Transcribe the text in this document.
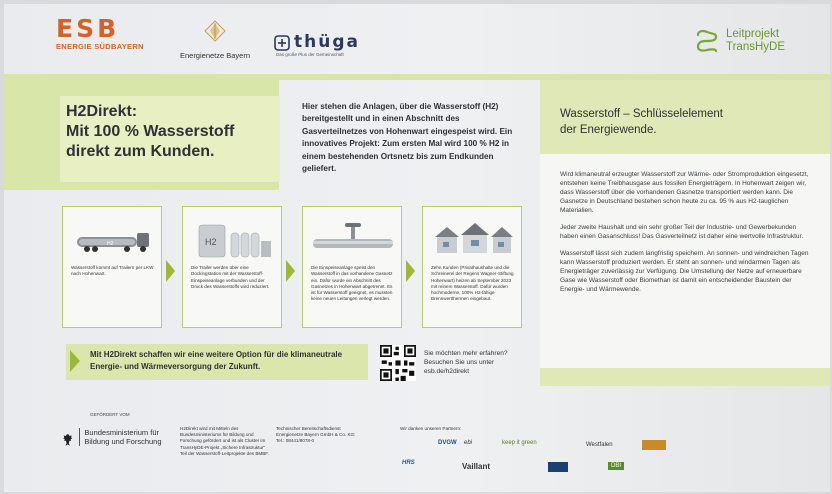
ESB
ENERGIE SÜDBAYERN
Energienetze Bayern
thüga
Das große Plus der Gemeinschaft
Leitprojekt
TransHyDE
H2Direkt:
Mit 100 % Wasserstoff
direkt zum Kunden.
Hier stehen die Anlagen, über die Wasserstoff (H2) bereitgestellt und in einen Abschnitt des Gasverteilnetzes von Hohenwart eingespeist wird. Ein innovatives Projekt: Zum ersten Mal wird 100 % H2 in einem bestehenden Ortsnetz bis zum Endkunden geliefert.
H2
Wasserstoff kommt auf Trailern per LKW nach Hohenwart.
H2
Die Trailer werden über eine Dockingstation mit der Wasserstoff-Einspeiseanlage verbunden und der Druck des Wasserstoffs wird reduziert.
Die Einspeiseanlage speist den Wasserstoff in das vorhandene Gasnetz ein. Dafür wurde ein Abschnitt des Gasnetzes in Hohenwart abgetrennt. Es ist für Wasserstoff geeignet, es mussten keine neuen Leitungen verlegt werden.
Zehn Kunden (Privathaushalte und die Schreinerei der Regens Wagner-Stiftung Hohenwart) heizen ab September 2023 mit reinem Wasserstoff. Dafür wurden hochmoderne, 100% H2-fähige Brennwertthermen eingebaut.
Mit H2Direkt schaffen wir eine weitere Option für die klimaneutrale Energie- und Wärmeversorgung der Zukunft.
Sie möchten mehr erfahren?
Besuchen Sie uns unter
esb.de/h2direkt
Wasserstoff – Schlüsselelement
der Energiewende.

Wird klimaneutral erzeugter Wasserstoff zur Wärme- oder Stromproduktion eingesetzt, entstehen keine Treibhausgase aus fossilen Energieträgern. In Hohenwart zeigen wir, dass Wasserstoff über die vorhandenen Gasnetze transportiert werden kann. Die Gasnetze in Deutschland bestehen schon heute zu ca. 95 % aus H2-tauglichen Materialien.

Jeder zweite Haushalt und ein sehr großer Teil der Industrie- und Gewerbekunden haben einen Gasanschluss! Das Gasverteilnetz ist daher eine wertvolle Infrastruktur.

Wasserstoff lässt sich zudem langfristig speichern. An sonnen- und windreichen Tagen kann Wasserstoff produziert werden. Er steht an sonnen- und windarmen Tagen als Energieträger zuverlässig zur Verfügung. Die Umstellung der Netze auf erneuerbare Gase wie Wasserstoff oder Biomethan ist damit ein entscheidender Baustein der Energie- und Wärmewende.

GEFÖRDERT VOM
Bundesministerium für Bildung und Forschung
H2Direkt wird mit Mitteln des Bundesministeriums für Bildung und Forschung gefördert und ist als Cluster im TransHyDE-Projekt „Sichere Infrastruktur" Teil der Wasserstoff-Leitprojekte des BMBF.
Technischer Bereitschaftsdienst
Energienetze Bayern GmbH & Co. KG:
Tel.: 08441/8078-0
Wir danken unseren Partnern:
DVGW ebi	keep it green	Westfalen
HRS	Vaillant	DBI
